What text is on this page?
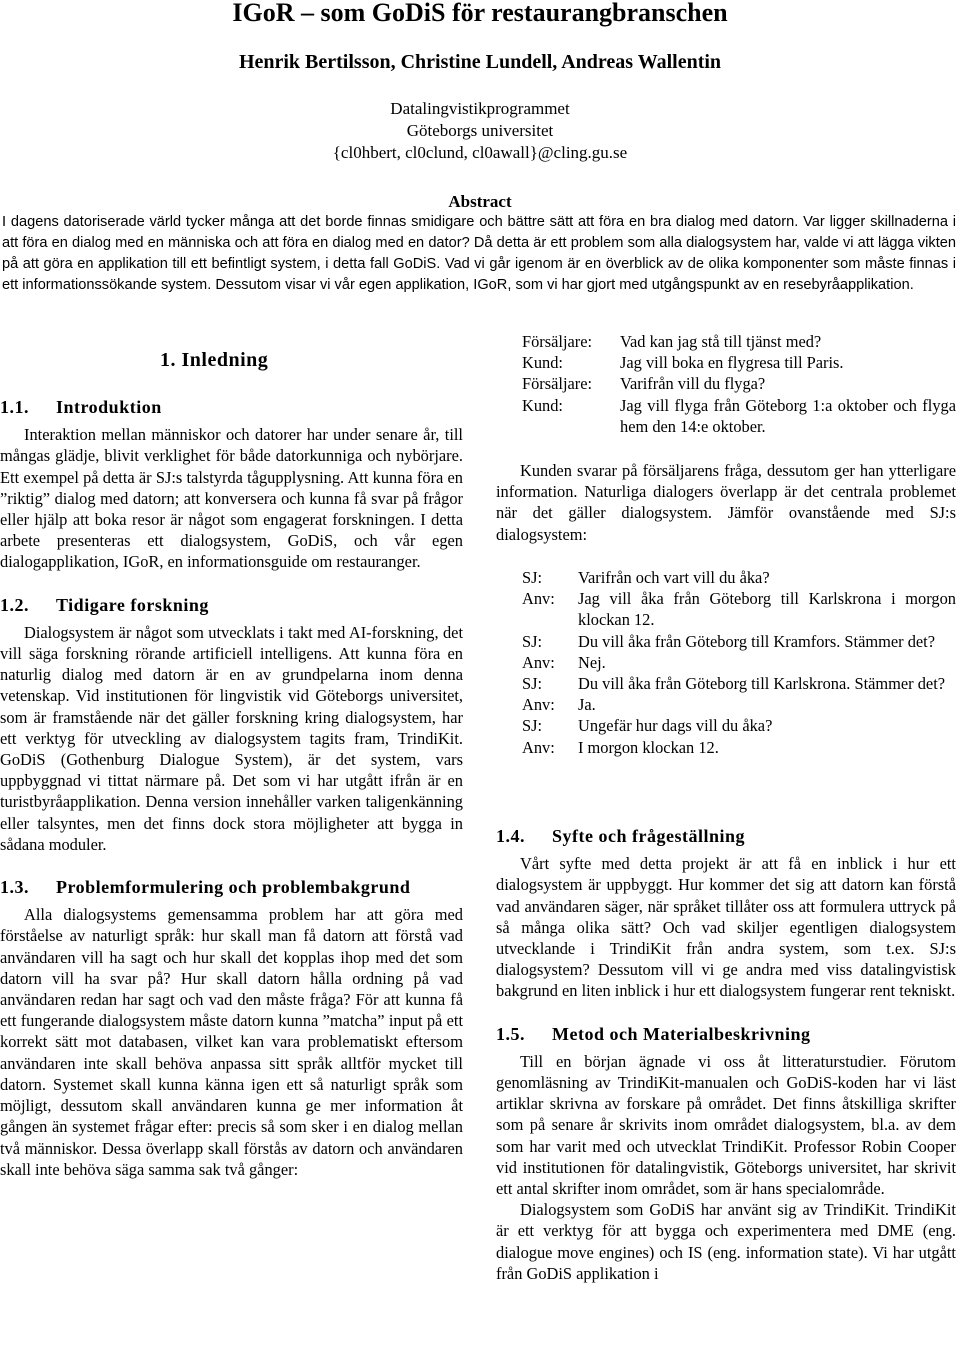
IGoR – som GoDiS för restaurangbranschen
Henrik Bertilsson, Christine Lundell, Andreas Wallentin
Datalingvistikprogrammet
Göteborgs universitet
{cl0hbert, cl0clund, cl0awall}@cling.gu.se
Abstract

I dagens datoriserade värld tycker många att det borde finnas smidigare och bättre sätt att föra en bra dialog med datorn. Var ligger skillnaderna i att föra en dialog med en människa och att föra en dialog med en dator? Då detta är ett problem som alla dialogsystem har, valde vi att lägga vikten på att göra en applikation till ett befintligt system, i detta fall GoDiS. Vad vi går igenom är en överblick av de olika komponenter som måste finnas i ett informationssökande system. Dessutom visar vi vår egen applikation, IGoR, som vi har gjort med utgångspunkt av en resebyråapplikation.

1. Inledning
1.1. Introduktion

Interaktion mellan människor och datorer har under senare år, till mångas glädje, blivit verklighet för både datorkunniga och nybörjare. Ett exempel på detta är SJ:s talstyrda tågupplysning. Att kunna föra en ”riktig” dialog med datorn; att konversera och kunna få svar på frågor eller hjälp att boka resor är något som engagerat forskningen. I detta arbete presenteras ett dialogsystem, GoDiS, och vår egen dialogapplikation, IGoR, en informationsguide om restauranger.

1.2. Tidigare forskning

Dialogsystem är något som utvecklats i takt med AI-forskning, det vill säga forskning rörande artificiell intelligens. Att kunna föra en naturlig dialog med datorn är en av grundpelarna inom denna vetenskap. Vid institutionen för lingvistik vid Göteborgs universitet, som är framstående när det gäller forskning kring dialogsystem, har ett verktyg för utveckling av dialogsystem tagits fram, TrindiKit. GoDiS (Gothenburg Dialogue System), är det system, vars uppbyggnad vi tittat närmare på. Det som vi har utgått ifrån är en turistbyråapplikation. Denna version innehåller varken taligenkänning eller talsyntes, men det finns dock stora möjligheter att bygga in sådana moduler.

1.3. Problemformulering och problembakgrund

Alla dialogsystems gemensamma problem har att göra med förståelse av naturligt språk: hur skall man få datorn att förstå vad användaren vill ha sagt och hur skall det kopplas ihop med det som datorn vill ha svar på? Hur skall datorn hålla ordning på vad användaren redan har sagt och vad den måste fråga? För att kunna få ett fungerande dialogsystem måste datorn kunna ”matcha” input på ett korrekt sätt mot databasen, vilket kan vara problematiskt eftersom användaren inte skall behöva anpassa sitt språk alltför mycket till datorn. Systemet skall kunna känna igen ett så naturligt språk som möjligt, dessutom skall användaren kunna ge mer information åt gången än systemet frågar efter: precis så som sker i en dialog mellan två människor. Dessa överlapp skall förstås av datorn och användaren skall inte behöva säga samma sak två gånger:

Försäljare:	Vad kan jag stå till tjänst med?
Kund:	Jag vill boka en flygresa till Paris.
Försäljare:	Varifrån vill du flyga?
Kund:	Jag vill flyga från Göteborg 1:a oktober och flyga hem den 14:e oktober.

Kunden svarar på försäljarens fråga, dessutom ger han ytterligare information. Naturliga dialogers överlapp är det centrala problemet när det gäller dialogsystem. Jämför ovanstående med SJ:s dialogsystem:

SJ:	Varifrån och vart vill du åka?
Anv:	Jag vill åka från Göteborg till Karlskrona i morgon klockan 12.
SJ:	Du vill åka från Göteborg till Kramfors. Stämmer det?
Anv:	Nej.
SJ:	Du vill åka från Göteborg till Karlskrona. Stämmer det?
Anv:	Ja.
SJ:	Ungefär hur dags vill du åka?
Anv:	I morgon klockan 12.
1.4. Syfte och frågeställning

Vårt syfte med detta projekt är att få en inblick i hur ett dialogsystem är uppbyggt. Hur kommer det sig att datorn kan förstå vad användaren säger, när språket tillåter oss att formulera uttryck på så många olika sätt? Och vad skiljer egentligen dialogsystem utvecklande i TrindiKit från andra system, som t.ex. SJ:s dialogsystem? Dessutom vill vi ge andra med viss datalingvistisk bakgrund en liten inblick i hur ett dialogsystem fungerar rent tekniskt.

1.5. Metod och Materialbeskrivning

Till en början ägnade vi oss åt litteraturstudier. Förutom genomläsning av TrindiKit-manualen och GoDiS-koden har vi läst artiklar skrivna av forskare på området. Det finns åtskilliga skrifter som på senare år skrivits inom området dialogsystem, bl.a. av dem som har varit med och utvecklat TrindiKit. Professor Robin Cooper vid institutionen för datalingvistik, Göteborgs universitet, har skrivit ett antal skrifter inom området, som är hans specialområde.

Dialogsystem som GoDiS har använt sig av TrindiKit. TrindiKit är ett verktyg för att bygga och experimentera med DME (eng. dialogue move engines) och IS (eng. information state). Vi har utgått från GoDiS applikation i
